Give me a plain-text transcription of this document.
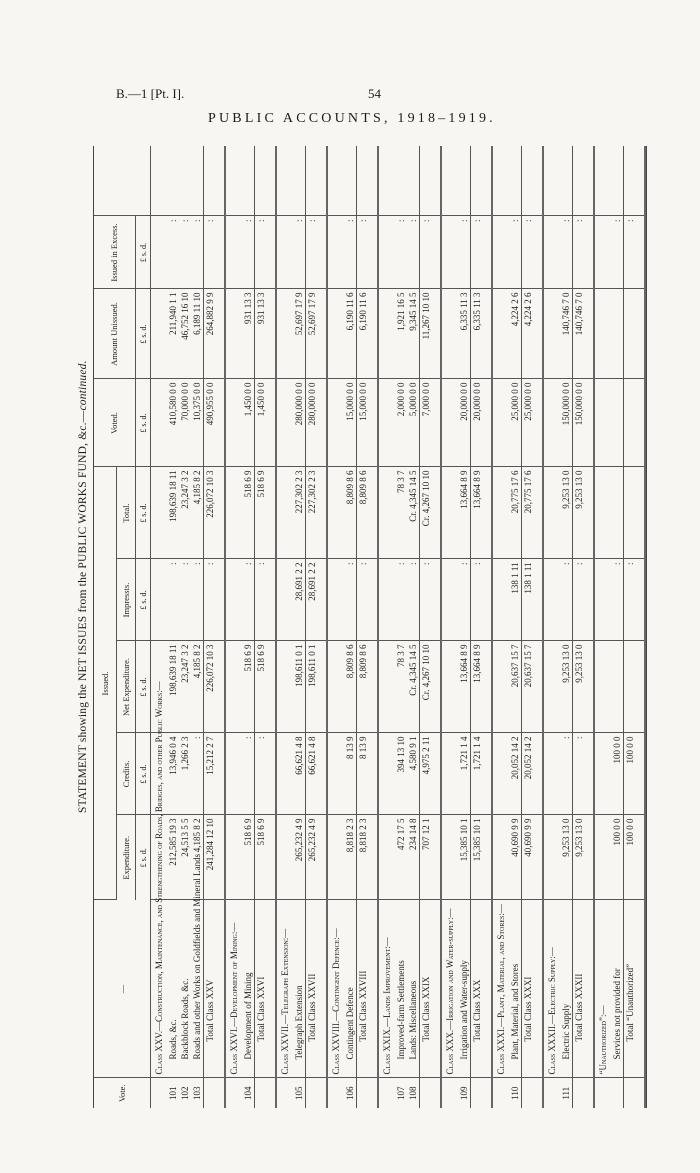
B.—1 [Pt. I].	54
PUBLIC ACCOUNTS, 1918–1919.
STATEMENT showing the NET ISSUES from the PUBLIC WORKS FUND, &c.—continued.
Vote.	—	Issued.					Voted.	Amount Unissued.	Issued in Excess.	
		Expenditure.	Credits.	Net Expenditure.	Impressts.	Total.				
		£ s. d.	£ s. d.	£ s. d.	£ s. d.	£ s. d.	£ s. d.	£ s. d.	£ s. d.	
	Class XXV.—Construction, Maintenance, and Strengthening of Roads, Bridges, and other Public Works:—									
101	Roads, &c.	212,585 19 3	13,946 0 4	198,639 18 11	:	198,639 18 11	410,580 0 0	211,940 1 1	:	
102	Backblock Roads, &c.	24,513 5 5	1,266 2 3	23,247 3 2	:	23,247 3 2	70,000 0 0	46,752 16 10	:	
103	Roads and other Works on Goldfields and Mineral Lands	4,185 8 2	:	4,185 8 2	:	4,185 8 2	10,375 0 0	6,189 11 10	:	
	Total Class XXV	241,284 12 10	15,212 2 7	226,072 10 3	:	226,072 10 3	490,955 0 0	264,882 9 9	:	

	Class XXVI.—Development of Mining:—									
104	Development of Mining	518 6 9	:	518 6 9	:	518 6 9	1,450 0 0	931 13 3	:	
	Total Class XXVI	518 6 9	:	518 6 9	:	518 6 9	1,450 0 0	931 13 3	:	

	Class XXVII.—Telegraph Extension:—									
105	Telegraph Extension	265,232 4 9	66,621 4 8	198,611 0 1	28,691 2 2	227,302 2 3	280,000 0 0	52,697 17 9	:	
	Total Class XXVII	265,232 4 9	66,621 4 8	198,611 0 1	28,691 2 2	227,302 2 3	280,000 0 0	52,697 17 9	:	

	Class XXVIII.—Contingent Defence:—									
106	Contingent Defence	8,818 2 3	8 13 9	8,809 8 6	:	8,809 8 6	15,000 0 0	6,190 11 6	:	
	Total Class XXVIII	8,818 2 3	8 13 9	8,809 8 6	:	8,809 8 6	15,000 0 0	6,190 11 6	:	

	Class XXIX.—Lands Improvement:—									
107	Improved-farm Settlements	472 17 5	394 13 10	78 3 7	:	78 3 7	2,000 0 0	1,921 16 5	:	
108	Lands: Miscellaneous	234 14 8	4,580 9 1	Cr. 4,345 14 5	:	Cr. 4,345 14 5	5,000 0 0	9,345 14 5	:	
	Total Class XXIX	707 12 1	4,975 2 11	Cr. 4,267 10 10	:	Cr. 4,267 10 10	7,000 0 0	11,267 10 10	:	

	Class XXX.—Irrigation and Water-supply:—									
109	Irrigation and Water-supply	15,385 10 1	1,721 1 4	13,664 8 9	:	13,664 8 9	20,000 0 0	6,335 11 3	:	
	Total Class XXX	15,385 10 1	1,721 1 4	13,664 8 9	:	13,664 8 9	20,000 0 0	6,335 11 3	:	

	Class XXXI.—Plant, Material, and Stores:—									
110	Plant, Material, and Stores	40,690 9 9	20,052 14 2	20,637 15 7	138 1 11	20,775 17 6	25,000 0 0	4,224 2 6	:	
	Total Class XXXI	40,690 9 9	20,052 14 2	20,637 15 7	138 1 11	20,775 17 6	25,000 0 0	4,224 2 6	:	

	Class XXXII.—Electric Supply:—									
111	Electric Supply	9,253 13 0	:	9,253 13 0	:	9,253 13 0	150,000 0 0	140,746 7 0	:	
	Total Class XXXII	9,253 13 0	:	9,253 13 0	:	9,253 13 0	150,000 0 0	140,746 7 0	:	

	“Unauthorized”:—									
	Services not provided for	100 0 0	100 0 0		:				:	
	Total “Unauthorized”	100 0 0	100 0 0		:				:	
